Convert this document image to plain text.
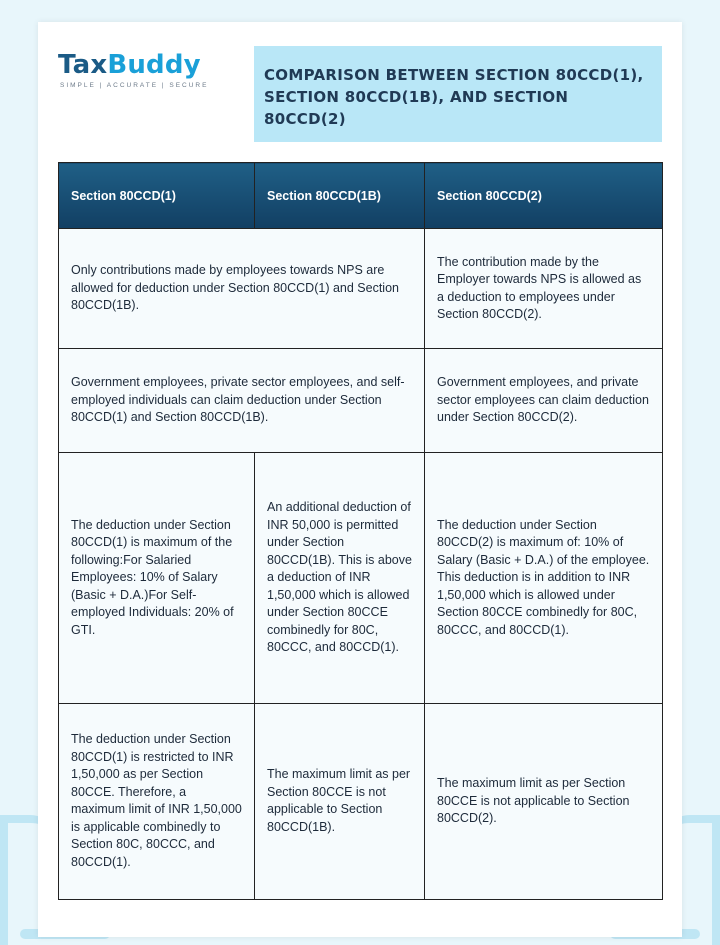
TaxBuddy
SIMPLE | ACCURATE | SECURE
COMPARISON BETWEEN SECTION 80CCD(1), SECTION 80CCD(1B), AND SECTION 80CCD(2)
Section 80CCD(1)	Section 80CCD(1B)	Section 80CCD(2)
Only contributions made by employees towards NPS are allowed for deduction under Section 80CCD(1) and Section 80CCD(1B).		The contribution made by the Employer towards NPS is allowed as a deduction to employees under Section 80CCD(2).
Government employees, private sector employees, and self-employed individuals can claim deduction under Section 80CCD(1) and Section 80CCD(1B).		Government employees, and private sector employees can claim deduction under Section 80CCD(2).
The deduction under Section 80CCD(1) is maximum of the following:For Salaried Employees: 10% of Salary (Basic + D.A.)For Self-employed Individuals: 20% of GTI.	An additional deduction of INR 50,000 is permitted under Section 80CCD(1B). This is above a deduction of INR 1,50,000 which is allowed under Section 80CCE combinedly for 80C, 80CCC, and 80CCD(1).	The deduction under Section 80CCD(2) is maximum of: 10% of Salary (Basic + D.A.) of the employee. This deduction is in addition to INR 1,50,000 which is allowed under Section 80CCE combinedly for 80C, 80CCC, and 80CCD(1).
The deduction under Section 80CCD(1) is restricted to INR 1,50,000 as per Section 80CCE. Therefore, a maximum limit of INR 1,50,000 is applicable combinedly to Section 80C, 80CCC, and 80CCD(1).	The maximum limit as per Section 80CCE is not applicable to Section 80CCD(1B).	The maximum limit as per Section 80CCE is not applicable to Section 80CCD(2).
